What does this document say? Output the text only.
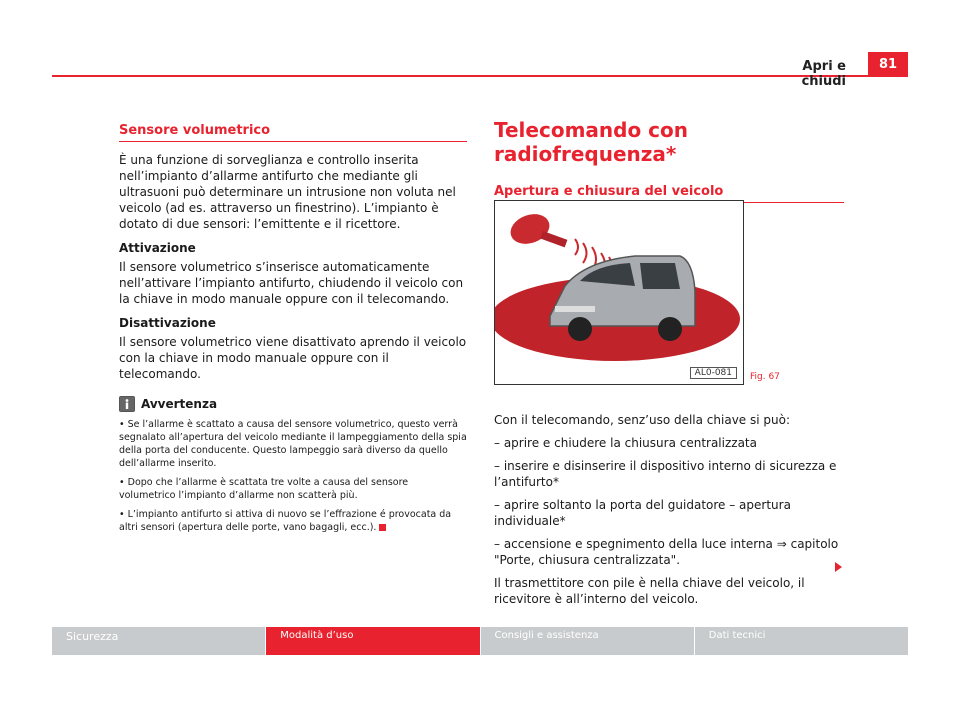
Apri e chiudi
81
Sensore volumetrico

È una funzione di sorveglianza e controllo inserita nell’impianto d’allarme antifurto che mediante gli ultrasuoni può determinare un intrusione non voluta nel veicolo (ad es. attraverso un finestrino). L’impianto è dotato di due sensori: l’emittente e il ricettore.

Attivazione

Il sensore volumetrico s’inserisce automaticamente nell’attivare l’impianto antifurto, chiudendo il veicolo con la chiave in modo manuale oppure con il telecomando.

Disattivazione

Il sensore volumetrico viene disattivato aprendo il veicolo con la chiave in modo manuale oppure con il telecomando.

Avvertenza

• Se l’allarme è scattato a causa del sensore volumetrico, questo verrà segnalato all’apertura del veicolo mediante il lampeggiamento della spia della porta del conducente. Questo lampeggio sarà diverso da quello dell’allarme inserito.

• Dopo che l’allarme è scattata tre volte a causa del sensore volumetrico l’impianto d’allarme non scatterà più.

• L’impianto antifurto si attiva di nuovo se l’effrazione é provocata da altri sensori (apertura delle porte, vano bagagli, ecc.).

Telecomando con radiofrequenza*
Apertura e chiusura del veicolo
AL0-081	Fig. 67

Con il telecomando, senz’uso della chiave si può:

– aprire e chiudere la chiusura centralizzata

– inserire e disinserire il dispositivo interno di sicurezza e l’antifurto*

– aprire soltanto la porta del guidatore – apertura individuale*

– accensione e spegnimento della luce interna ⇒ capitolo "Porte, chiusura centralizzata".

Il trasmettitore con pile è nella chiave del veicolo, il ricevitore è all’interno del veicolo.

Sicurezza	Modalità d’uso	Consigli e assistenza	Dati tecnici
